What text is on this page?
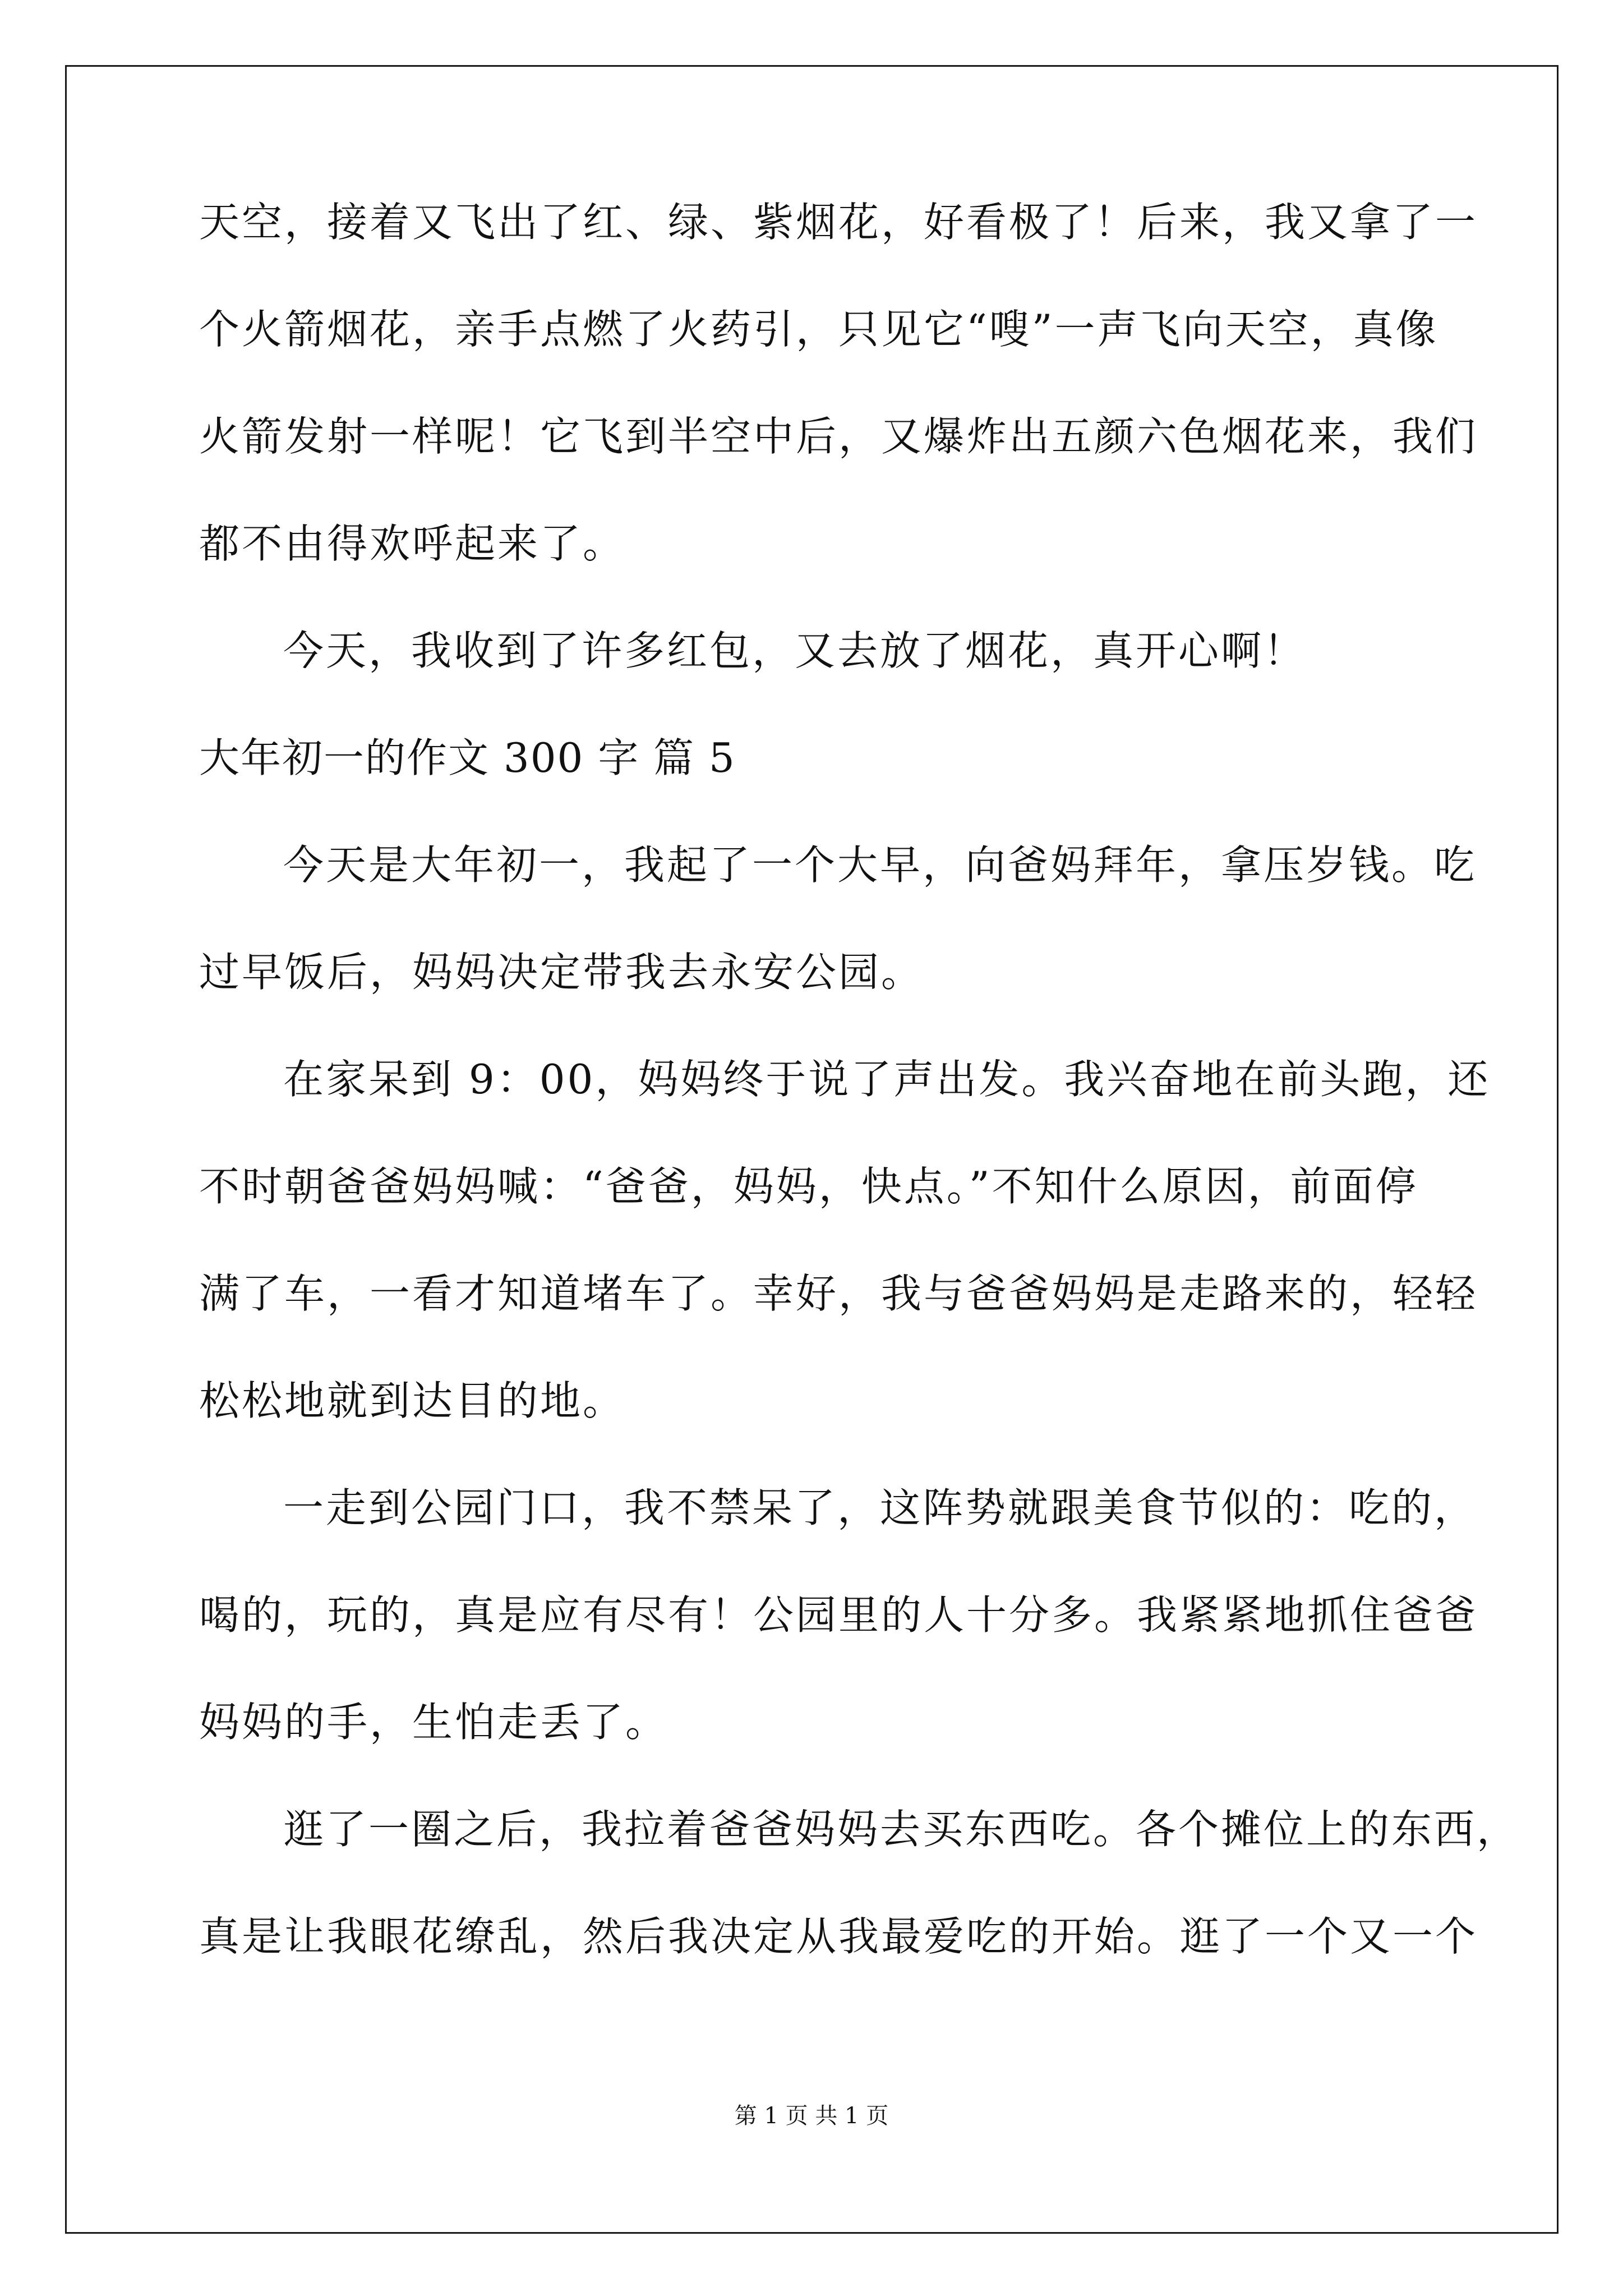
天空，接着又飞出了红、绿、紫烟花，好看极了！后来，我又拿了一
个火箭烟花，亲手点燃了火药引，只见它“嗖”一声飞向天空，真像
火箭发射一样呢！它飞到半空中后，又爆炸出五颜六色烟花来，我们
都不由得欢呼起来了。
今天，我收到了许多红包，又去放了烟花，真开心啊！
大年初一的作文 300 字 篇 5
今天是大年初一，我起了一个大早，向爸妈拜年，拿压岁钱。吃
过早饭后，妈妈决定带我去永安公园。
在家呆到 9：00，妈妈终于说了声出发。我兴奋地在前头跑，还
不时朝爸爸妈妈喊：“爸爸，妈妈，快点。”不知什么原因，前面停
满了车，一看才知道堵车了。幸好，我与爸爸妈妈是走路来的，轻轻
松松地就到达目的地。
一走到公园门口，我不禁呆了，这阵势就跟美食节似的：吃的，
喝的，玩的，真是应有尽有！公园里的人十分多。我紧紧地抓住爸爸
妈妈的手，生怕走丢了。
逛了一圈之后，我拉着爸爸妈妈去买东西吃。各个摊位上的东西，
真是让我眼花缭乱，然后我决定从我最爱吃的开始。逛了一个又一个
第 1 页 共 1 页
